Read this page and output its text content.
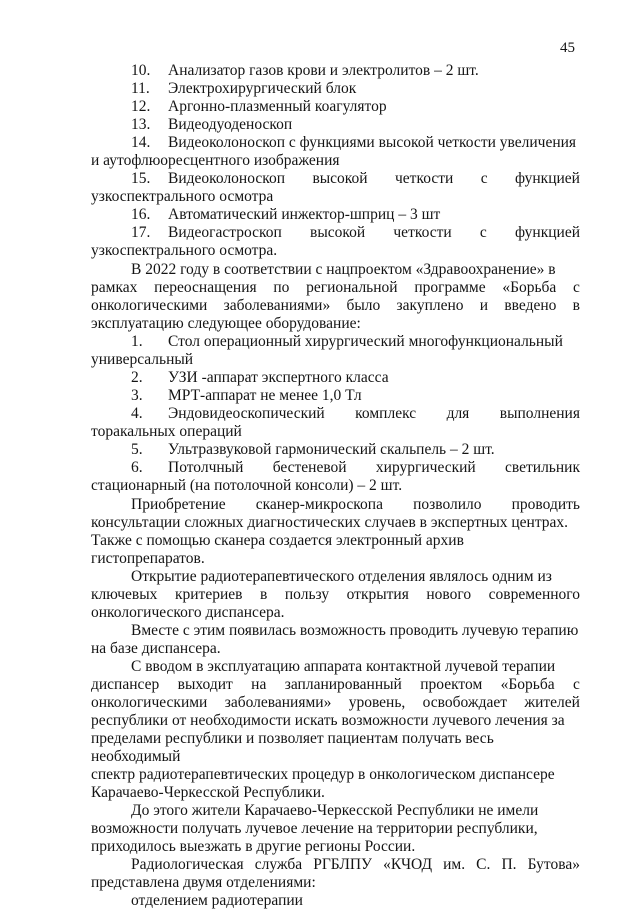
45
10.	Анализатор газов крови и электролитов – 2 шт.
11.	Электрохирургический блок
12.	Аргонно-плазменный коагулятор
13.	Видеодуоденоскоп
14.	Видеоколоноскоп с функциями высокой четкости увеличения
и аутофлюоресцентного изображения
15.	Видеоколоноскоп высокой четкости с функцией
узкоспектрального осмотра
16.	Автоматический инжектор-шприц – 3 шт
17.	Видеогастроскоп высокой четкости с функцией
узкоспектрального осмотра.
В 2022 году в соответствии с нацпроектом «Здравоохранение» в
рамках переоснащения по региональной программе «Борьба с
онкологическими заболеваниями» было закуплено и введено в
эксплуатацию следующее оборудование:
1.	Стол операционный хирургический многофункциональный
универсальный
2.	УЗИ -аппарат экспертного класса
3.	МРТ-аппарат не менее 1,0 Тл
4.	Эндовидеоскопический комплекс для выполнения
торакальных операций
5.	Ультразвуковой гармонический скальпель – 2 шт.
6.	Потолчный бестеневой хирургический светильник
стационарный (на потолочной консоли) – 2 шт.
Приобретение сканер-микроскопа позволило проводить
консультации сложных диагностических случаев в экспертных центрах.
Также с помощью сканера создается электронный архив гистопрепаратов.
Открытие радиотерапевтического отделения являлось одним из
ключевых критериев в пользу открытия нового современного
онкологического диспансера.
Вместе с этим появилась возможность проводить лучевую терапию
на базе диспансера.
С вводом в эксплуатацию аппарата контактной лучевой терапии
диспансер выходит на запланированный проектом «Борьба с
онкологическими заболеваниями» уровень, освобождает жителей
республики от необходимости искать возможности лучевого лечения за
пределами республики и позволяет пациентам получать весь необходимый
спектр радиотерапевтических процедур в онкологическом диспансере
Карачаево-Черкесской Республики.
До этого жители Карачаево-Черкесской Республики не имели
возможности получать лучевое лечение на территории республики,
приходилось выезжать в другие регионы России.
Радиологическая служба РГБЛПУ «КЧОД им. С. П. Бутова»
представлена двумя отделениями:
отделением радиотерапии
